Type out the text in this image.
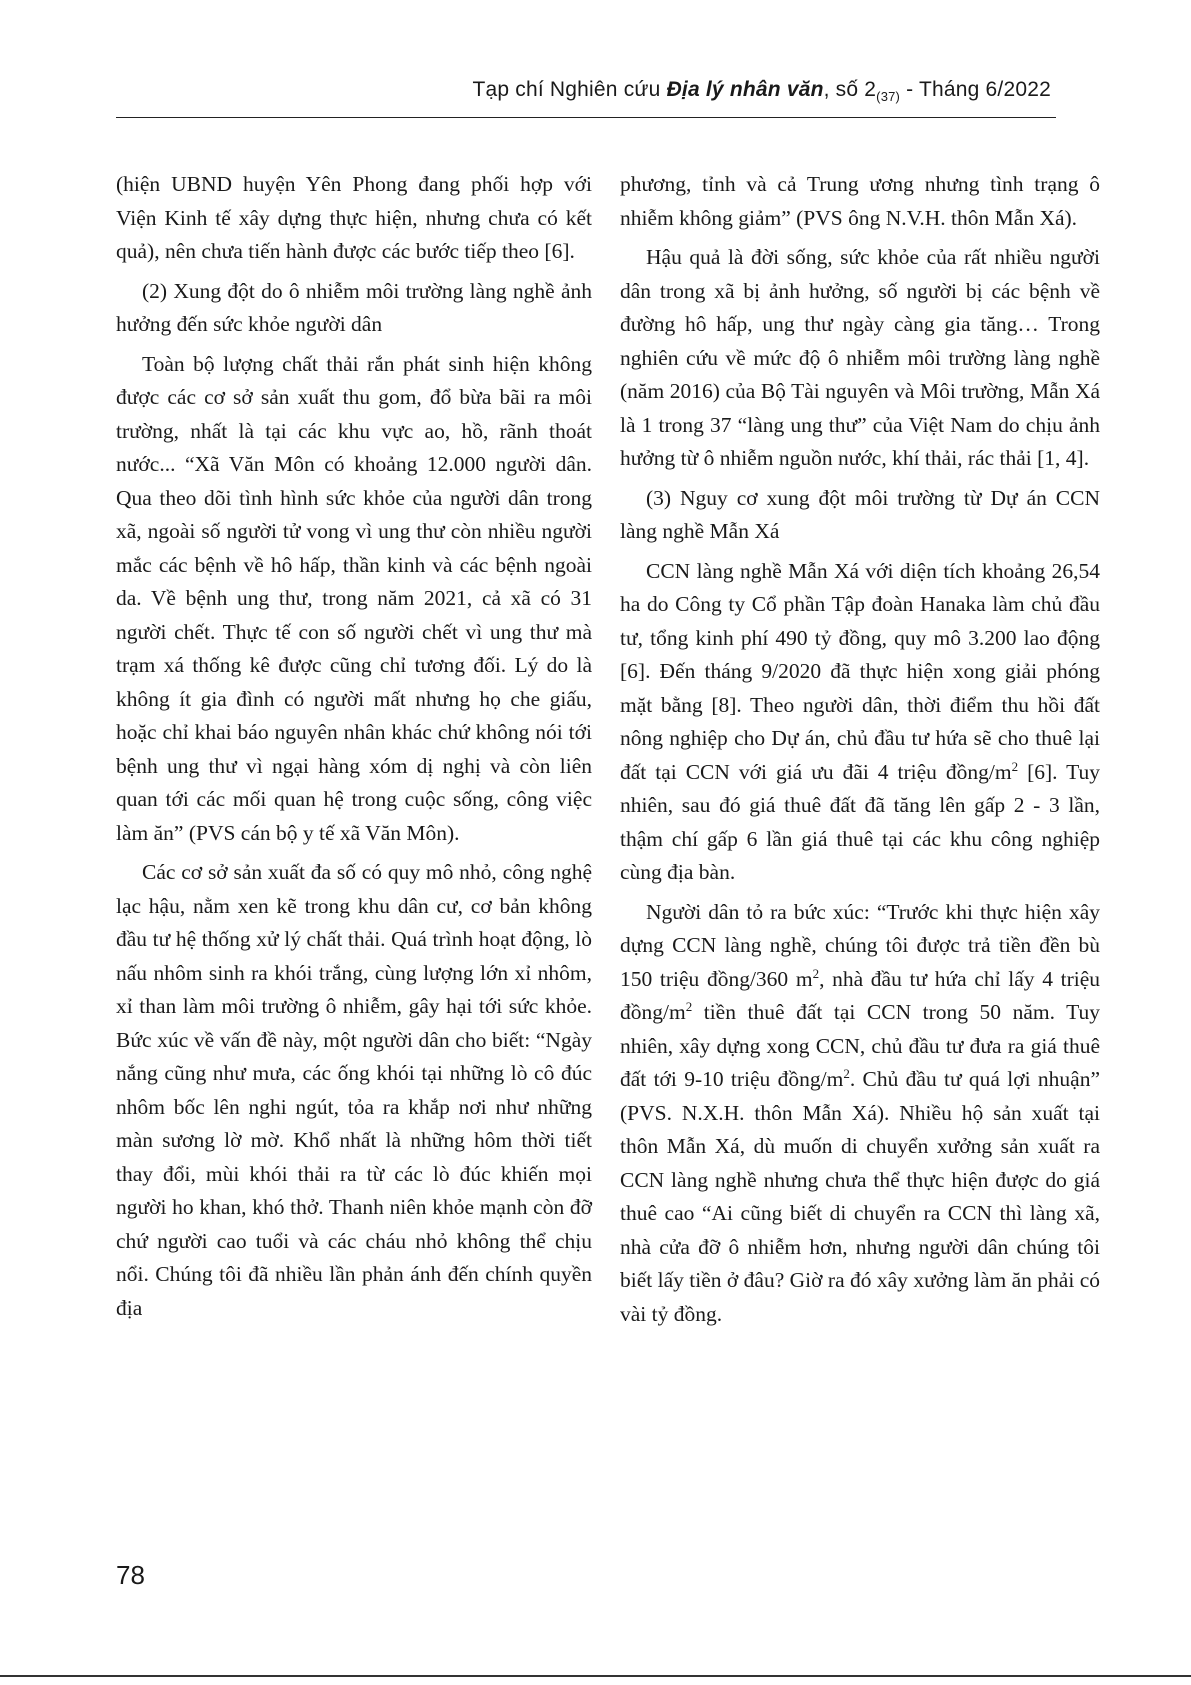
Tạp chí Nghiên cứu Địa lý nhân văn, số $2_{(37)}$ - Tháng 6/2022

(hiện UBND huyện Yên Phong đang phối hợp với Viện Kinh tế xây dựng thực hiện, nhưng chưa có kết quả), nên chưa tiến hành được các bước tiếp theo [6].

(2) Xung đột do ô nhiễm môi trường làng nghề ảnh hưởng đến sức khỏe người dân

Toàn bộ lượng chất thải rắn phát sinh hiện không được các cơ sở sản xuất thu gom, đổ bừa bãi ra môi trường, nhất là tại các khu vực ao, hồ, rãnh thoát nước... “Xã Văn Môn có khoảng 12.000 người dân. Qua theo dõi tình hình sức khỏe của người dân trong xã, ngoài số người tử vong vì ung thư còn nhiều người mắc các bệnh về hô hấp, thần kinh và các bệnh ngoài da. Về bệnh ung thư, trong năm 2021, cả xã có 31 người chết. Thực tế con số người chết vì ung thư mà trạm xá thống kê được cũng chỉ tương đối. Lý do là không ít gia đình có người mất nhưng họ che giấu, hoặc chỉ khai báo nguyên nhân khác chứ không nói tới bệnh ung thư vì ngại hàng xóm dị nghị và còn liên quan tới các mối quan hệ trong cuộc sống, công việc làm ăn” (PVS cán bộ y tế xã Văn Môn).

Các cơ sở sản xuất đa số có quy mô nhỏ, công nghệ lạc hậu, nằm xen kẽ trong khu dân cư, cơ bản không đầu tư hệ thống xử lý chất thải. Quá trình hoạt động, lò nấu nhôm sinh ra khói trắng, cùng lượng lớn xỉ nhôm, xỉ than làm môi trường ô nhiễm, gây hại tới sức khỏe. Bức xúc về vấn đề này, một người dân cho biết: “Ngày nắng cũng như mưa, các ống khói tại những lò cô đúc nhôm bốc lên nghi ngút, tỏa ra khắp nơi như những màn sương lờ mờ. Khổ nhất là những hôm thời tiết thay đổi, mùi khói thải ra từ các lò đúc khiến mọi người ho khan, khó thở. Thanh niên khỏe mạnh còn đỡ chứ người cao tuổi và các cháu nhỏ không thể chịu nổi. Chúng tôi đã nhiều lần phản ánh đến chính quyền địa

phương, tỉnh và cả Trung ương nhưng tình trạng ô nhiễm không giảm” (PVS ông N.V.H. thôn Mẫn Xá).

Hậu quả là đời sống, sức khỏe của rất nhiều người dân trong xã bị ảnh hưởng, số người bị các bệnh về đường hô hấp, ung thư ngày càng gia tăng… Trong nghiên cứu về mức độ ô nhiễm môi trường làng nghề (năm 2016) của Bộ Tài nguyên và Môi trường, Mẫn Xá là 1 trong 37 “làng ung thư” của Việt Nam do chịu ảnh hưởng từ ô nhiễm nguồn nước, khí thải, rác thải [1, 4].

(3) Nguy cơ xung đột môi trường từ Dự án CCN làng nghề Mẫn Xá

CCN làng nghề Mẫn Xá với diện tích khoảng 26,54 ha do Công ty Cổ phần Tập đoàn Hanaka làm chủ đầu tư, tổng kinh phí 490 tỷ đồng, quy mô 3.200 lao động [6]. Đến tháng 9/2020 đã thực hiện xong giải phóng mặt bằng [8]. Theo người dân, thời điểm thu hồi đất nông nghiệp cho Dự án, chủ đầu tư hứa sẽ cho thuê lại đất tại CCN với giá ưu đãi 4 triệu đồng/$m^2$ [6]. Tuy nhiên, sau đó giá thuê đất đã tăng lên gấp 2 - 3 lần, thậm chí gấp 6 lần giá thuê tại các khu công nghiệp cùng địa bàn.

Người dân tỏ ra bức xúc: “Trước khi thực hiện xây dựng CCN làng nghề, chúng tôi được trả tiền đền bù 150 triệu đồng/360 $m^2$, nhà đầu tư hứa chỉ lấy 4 triệu đồng/$m^2$ tiền thuê đất tại CCN trong 50 năm. Tuy nhiên, xây dựng xong CCN, chủ đầu tư đưa ra giá thuê đất tới 9-10 triệu đồng/$m^2$. Chủ đầu tư quá lợi nhuận” (PVS. N.X.H. thôn Mẫn Xá). Nhiều hộ sản xuất tại thôn Mẫn Xá, dù muốn di chuyển xưởng sản xuất ra CCN làng nghề nhưng chưa thể thực hiện được do giá thuê cao “Ai cũng biết di chuyển ra CCN thì làng xã, nhà cửa đỡ ô nhiễm hơn, nhưng người dân chúng tôi biết lấy tiền ở đâu? Giờ ra đó xây xưởng làm ăn phải có vài tỷ đồng.

78
